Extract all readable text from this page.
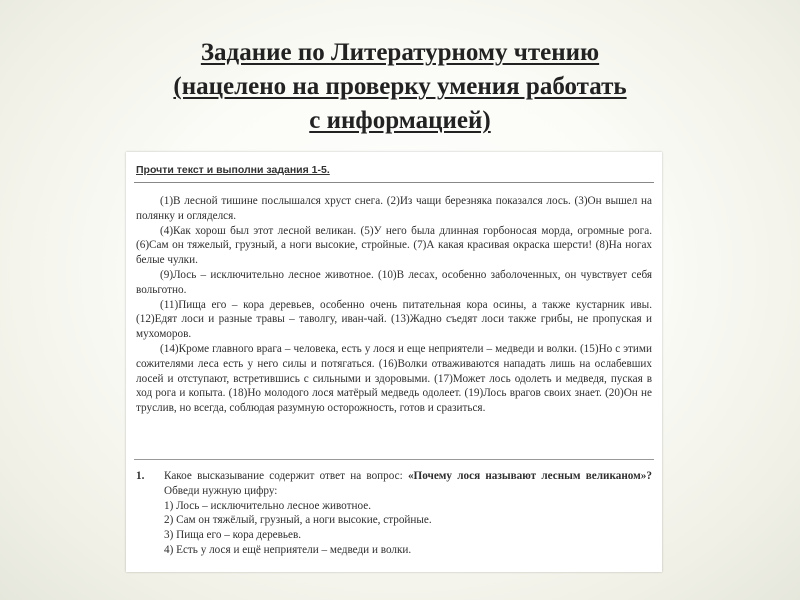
Задание по Литературному чтению
(нацелено на проверку умения работать
с информацией)
Прочти текст и выполни задания 1-5.

(1)В лесной тишине послышался хруст снега. (2)Из чащи березняка показался лось. (3)Он вышел на полянку и огляделся.

(4)Как хорош был этот лесной великан. (5)У него была длинная горбоносая морда, огромные рога. (6)Сам он тяжелый, грузный, а ноги высокие, стройные. (7)А какая красивая окраска шерсти! (8)На ногах белые чулки.

(9)Лось – исключительно лесное животное. (10)В лесах, особенно заболоченных, он чувствует себя вольготно.

(11)Пища его – кора деревьев, особенно очень питательная кора осины, а также кустарник ивы. (12)Едят лоси и разные травы – таволгу, иван-чай. (13)Жадно съедят лоси также грибы, не пропуская и мухоморов.

(14)Кроме главного врага – человека, есть у лося и еще неприятели – медведи и волки. (15)Но с этими сожителями леса есть у него силы и потягаться. (16)Волки отваживаются нападать лишь на ослабевших лосей и отступают, встретившись с сильными и здоровыми. (17)Может лось одолеть и медведя, пуская в ход рога и копыта. (18)Но молодого лося матёрый медведь одолеет. (19)Лось врагов своих знает. (20)Он не труслив, но всегда, соблюдая разумную осторожность, готов и сразиться.

1. Какое высказывание содержит ответ на вопрос: «Почему лося называют лесным великаном»? Обведи нужную цифру:
1) Лось – исключительно лесное животное.
2) Сам он тяжёлый, грузный, а ноги высокие, стройные.
3) Пища его – кора деревьев.
4) Есть у лося и ещё неприятели – медведи и волки.
